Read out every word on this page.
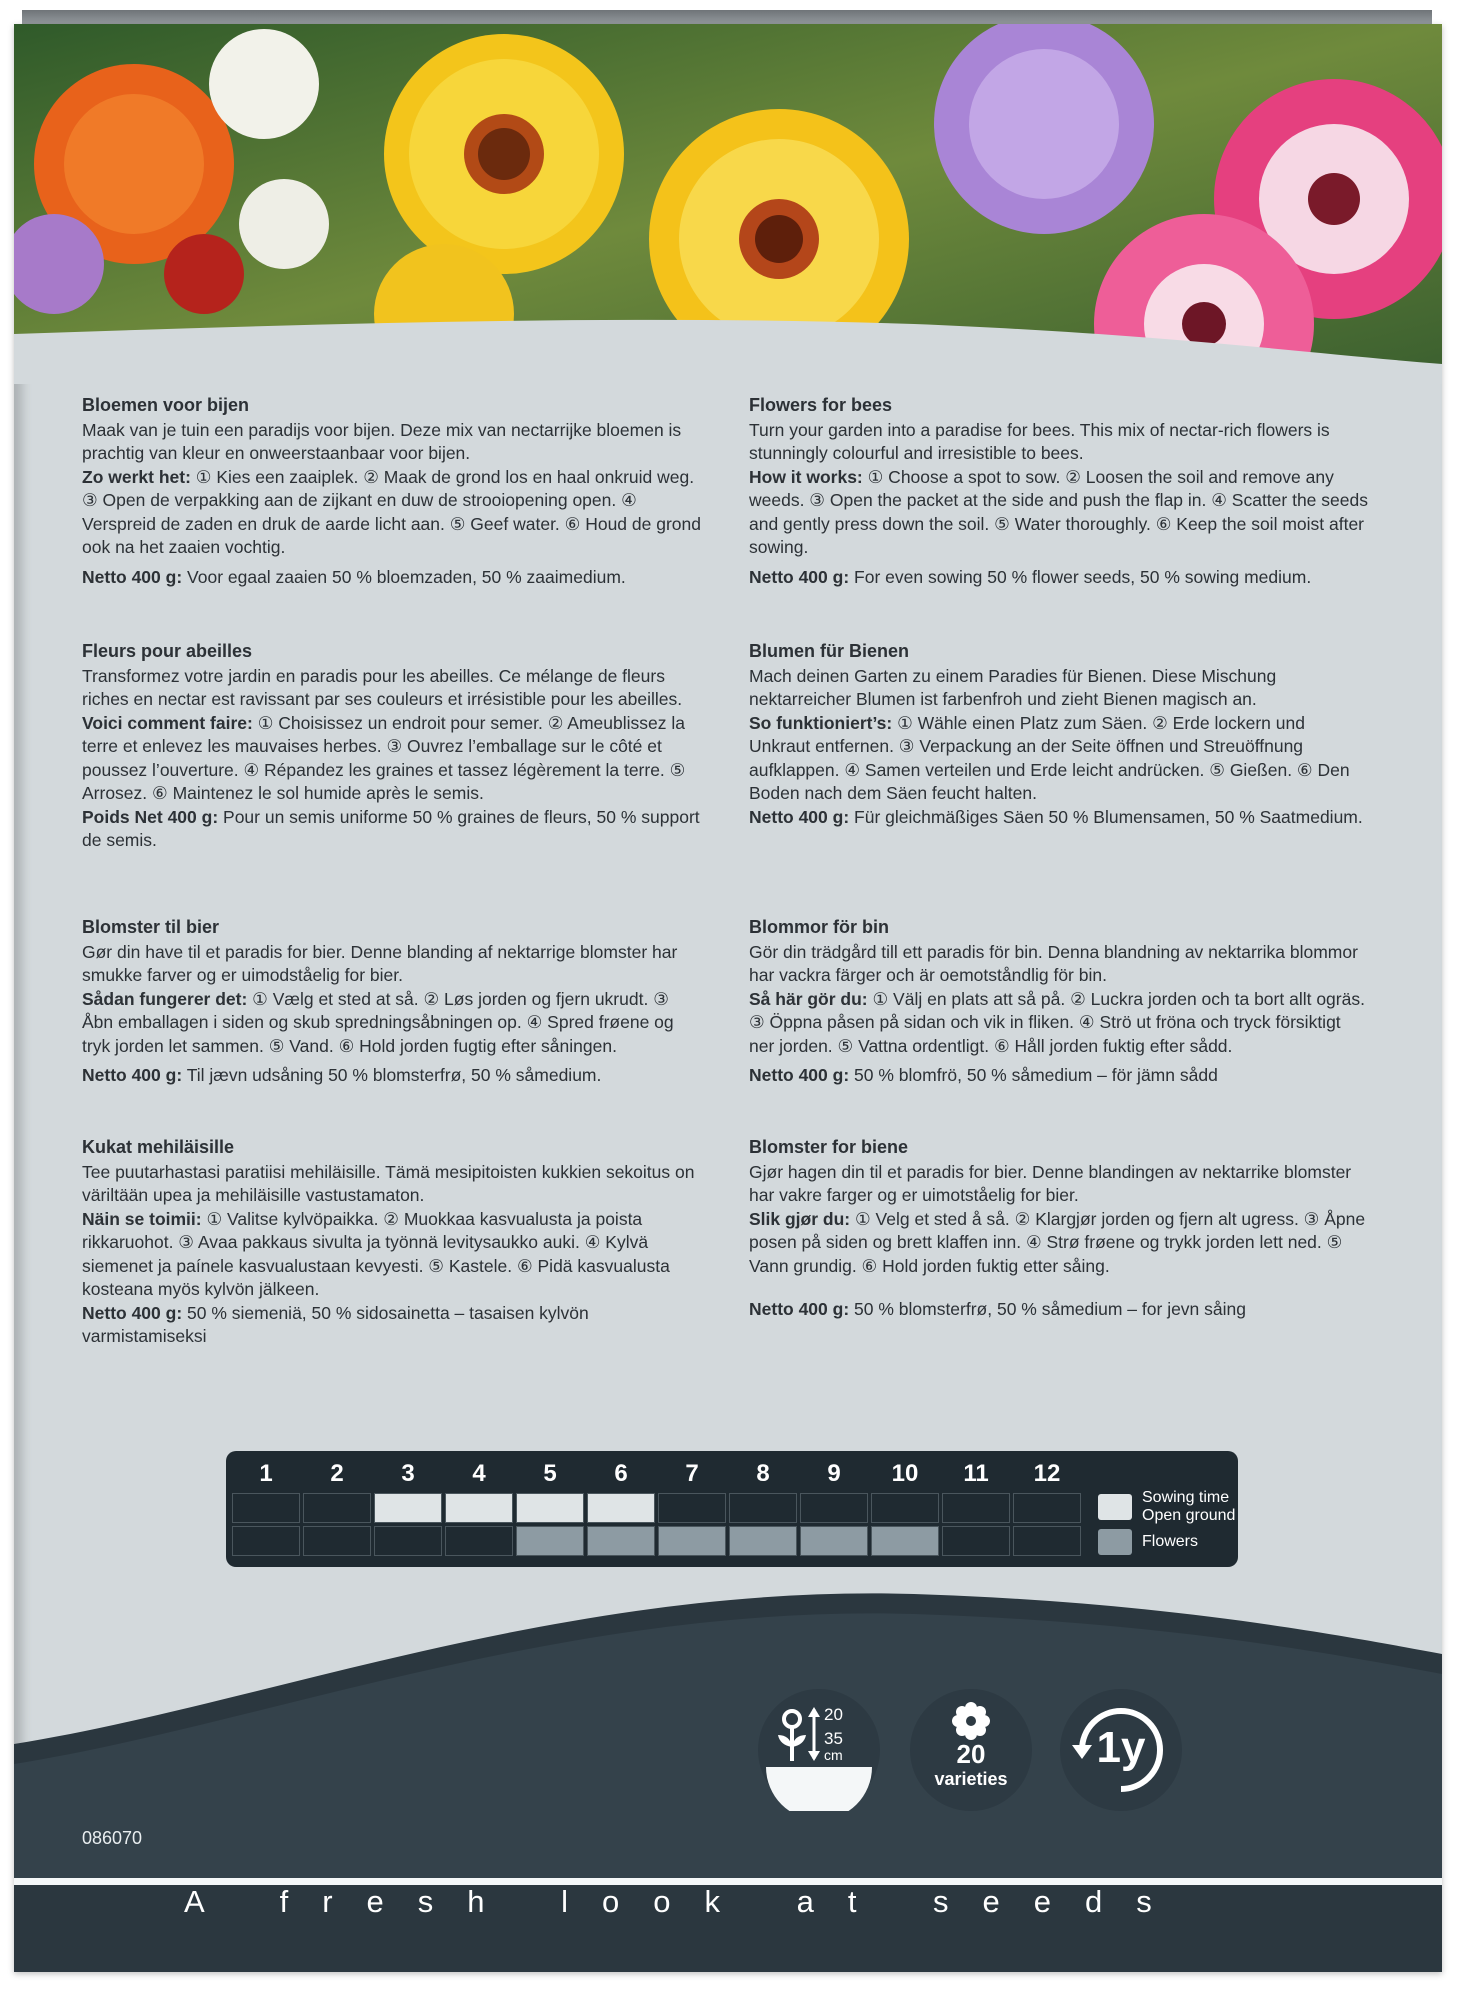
Bloemen voor bijen
Maak van je tuin een paradijs voor bijen. Deze mix van nectarrijke bloemen is prachtig van kleur en onweerstaanbaar voor bijen.
Zo werkt het: ① Kies een zaaiplek. ② Maak de grond los en haal onkruid weg. ③ Open de verpakking aan de zijkant en duw de strooiopening open. ④ Verspreid de zaden en druk de aarde licht aan. ⑤ Geef water. ⑥ Houd de grond ook na het zaaien vochtig.
Netto 400 g: Voor egaal zaaien 50 % bloemzaden, 50 % zaaimedium.
Flowers for bees
Turn your garden into a paradise for bees. This mix of nectar-rich flowers is stunningly colourful and irresistible to bees.
How it works: ① Choose a spot to sow. ② Loosen the soil and remove any weeds. ③ Open the packet at the side and push the flap in. ④ Scatter the seeds and gently press down the soil. ⑤ Water thoroughly. ⑥ Keep the soil moist after sowing.
Netto 400 g: For even sowing 50 % flower seeds, 50 % sowing medium.
Fleurs pour abeilles
Transformez votre jardin en paradis pour les abeilles. Ce mélange de fleurs riches en nectar est ravissant par ses couleurs et irrésistible pour les abeilles.
Voici comment faire: ① Choisissez un endroit pour semer. ② Ameublissez la terre et enlevez les mauvaises herbes. ③ Ouvrez l’emballage sur le côté et poussez l’ouverture. ④ Répandez les graines et tassez légèrement la terre. ⑤ Arrosez. ⑥ Maintenez le sol humide après le semis.
Poids Net 400 g: Pour un semis uniforme 50 % graines de fleurs, 50 % support de semis.
Blumen für Bienen
Mach deinen Garten zu einem Paradies für Bienen. Diese Mischung nektarreicher Blumen ist farbenfroh und zieht Bienen magisch an.
So funktioniert’s: ① Wähle einen Platz zum Säen. ② Erde lockern und Unkraut entfernen. ③ Verpackung an der Seite öffnen und Streuöffnung aufklappen. ④ Samen verteilen und Erde leicht andrücken. ⑤ Gießen. ⑥ Den Boden nach dem Säen feucht halten.
Netto 400 g: Für gleichmäßiges Säen 50 % Blumensamen, 50 % Saatmedium.
Blomster til bier
Gør din have til et paradis for bier. Denne blanding af nektarrige blomster har smukke farver og er uimodståelig for bier.
Sådan fungerer det: ① Vælg et sted at så. ② Løs jorden og fjern ukrudt. ③ Åbn emballagen i siden og skub spredningsåbningen op. ④ Spred frøene og tryk jorden let sammen. ⑤ Vand. ⑥ Hold jorden fugtig efter såningen.
Netto 400 g: Til jævn udsåning 50 % blomsterfrø, 50 % såmedium.
Blommor för bin
Gör din trädgård till ett paradis för bin. Denna blandning av nektarrika blommor har vackra färger och är oemotståndlig för bin.
Så här gör du: ① Välj en plats att så på. ② Luckra jorden och ta bort allt ogräs. ③ Öppna påsen på sidan och vik in fliken. ④ Strö ut fröna och tryck försiktigt ner jorden. ⑤ Vattna ordentligt. ⑥ Håll jorden fuktig efter sådd.
Netto 400 g: 50 % blomfrö, 50 % såmedium – för jämn sådd
Kukat mehiläisille
Tee puutarhastasi paratiisi mehiläisille. Tämä mesipitoisten kukkien sekoitus on väriltään upea ja mehiläisille vastustamaton.
Näin se toimii: ① Valitse kylvöpaikka. ② Muokkaa kasvualusta ja poista rikkaruohot. ③ Avaa pakkaus sivulta ja työnnä levitysaukko auki. ④ Kylvä siemenet ja paínele kasvualustaan kevyesti. ⑤ Kastele. ⑥ Pidä kasvualusta kosteana myös kylvön jälkeen.
Netto 400 g: 50 % siemeniä, 50 % sidosainetta – tasaisen kylvön varmistamiseksi
Blomster for biene
Gjør hagen din til et paradis for bier. Denne blandingen av nektarrike blomster har vakre farger og er uimotståelig for bier.
Slik gjør du: ① Velg et sted å så. ② Klargjør jorden og fjern alt ugress. ③ Åpne posen på siden og brett klaffen inn. ④ Strø frøene og trykk jorden lett ned. ⑤ Vann grundig. ⑥ Hold jorden fuktig etter såing.
Netto 400 g: 50 % blomsterfrø, 50 % såmedium – for jevn såing
1	2	3	4	5	6	7	8	9	10	11	12
Sowing time
Open ground
Flowers
20
35
cm	20
varieties
1y
086070
A fresh look at seeds
